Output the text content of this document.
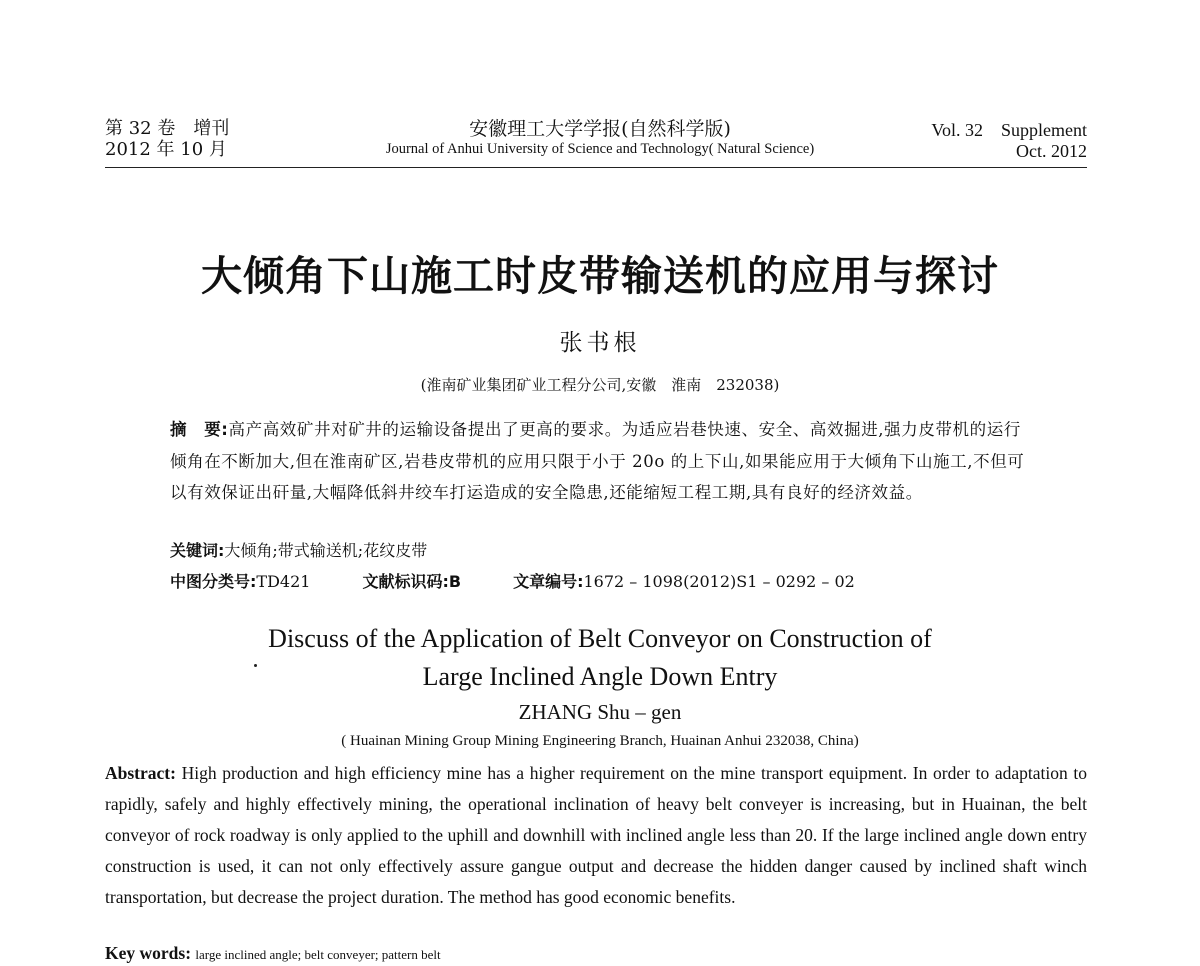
第 32 卷　增刊
2012 年 10 月
安徽理工大学学报(自然科学版)
Journal of Anhui University of Science and Technology( Natural Science)
Vol. 32 Supplement
Oct. 2012
大倾角下山施工时皮带输送机的应用与探讨
张书根
(淮南矿业集团矿业工程分公司,安徽　淮南　232038)
摘　要:高产高效矿井对矿井的运输设备提出了更高的要求。为适应岩巷快速、安全、高效掘进,强力皮带机的运行倾角在不断加大,但在淮南矿区,岩巷皮带机的应用只限于小于 20o 的上下山,如果能应用于大倾角下山施工,不但可以有效保证出矸量,大幅降低斜井绞车打运造成的安全隐患,还能缩短工程工期,具有良好的经济效益。
关键词:大倾角;带式输送机;花纹皮带
中图分类号:TD421	文献标识码:B	文章编号:1672 – 1098(2012)S1 – 0292 – 02
Discuss of the Application of Belt Conveyor on Construction of
Large Inclined Angle Down Entry
ZHANG Shu – gen
( Huainan Mining Group Mining Engineering Branch, Huainan Anhui 232038, China)
Abstract: High production and high efficiency mine has a higher requirement on the mine transport equipment. In order to adaptation to rapidly, safely and highly effectively mining, the operational inclination of heavy belt conveyer is increasing, but in Huainan, the belt conveyor of rock roadway is only applied to the uphill and downhill with inclined angle less than 20. If the large inclined angle down entry construction is used, it can not only effectively assure gangue output and decrease the hidden danger caused by inclined shaft winch transportation, but decrease the project duration. The method has good economic benefits.
Key words: large inclined angle; belt conveyer; pattern belt
